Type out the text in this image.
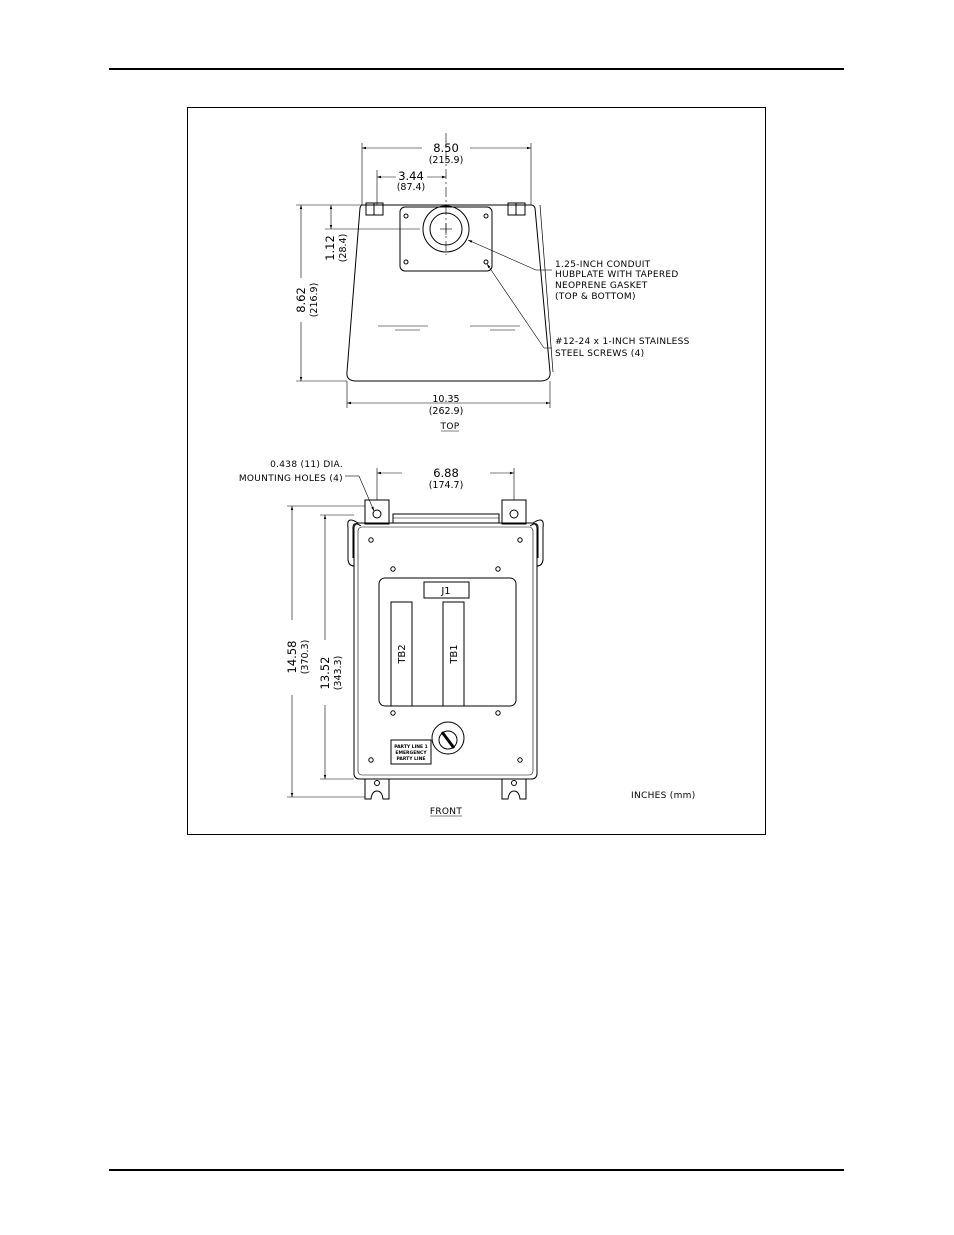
8.50
(215.9)
3.44
(87.4)
1.12 (28.4)
8.62 (216.9)
10.35
(262.9)
1.25-INCH CONDUIT
HUBPLATE WITH TAPERED
NEOPRENE GASKET
(TOP & BOTTOM)
#12-24 x 1-INCH STAINLESS
STEEL SCREWS (4)
TOP
0.438 (11) DIA.
MOUNTING HOLES (4)	6.88
(174.7)
14.58 (370.3) 13.52 (343.3)
J1
TB2	TB1
PARTY LINE 1
EMERGENCY
PARTY LINE
FRONT
INCHES (mm)
